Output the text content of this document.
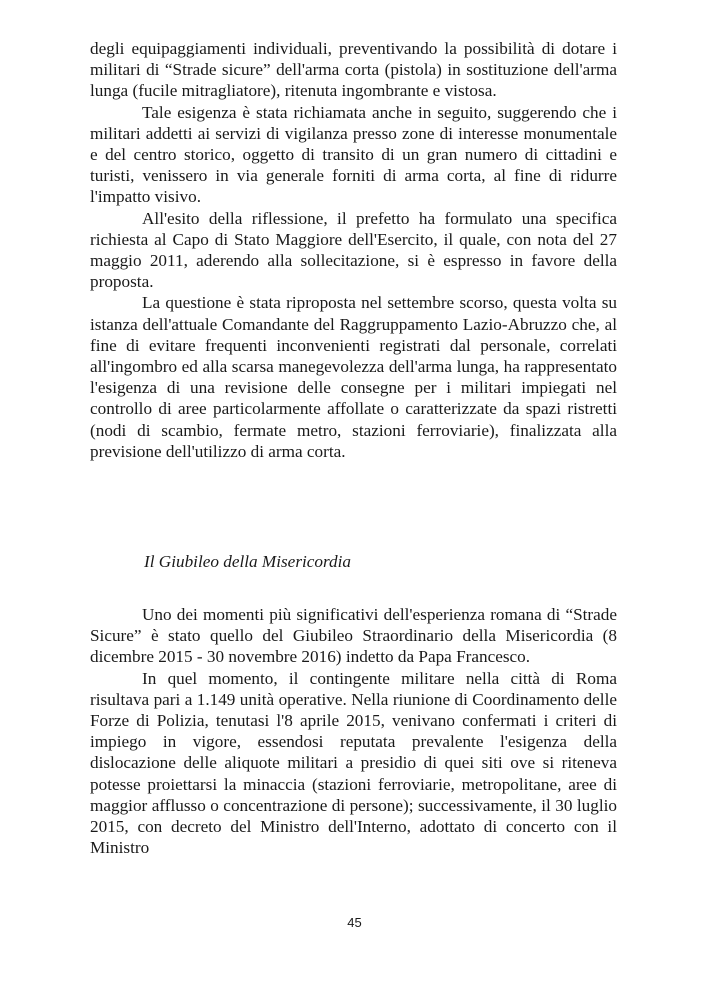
degli equipaggiamenti individuali, preventivando la possibilità di dotare i militari di “Strade sicure” dell'arma corta (pistola) in sostituzione dell'arma lunga (fucile mitragliatore), ritenuta ingombrante e vistosa.

Tale esigenza è stata richiamata anche in seguito, suggerendo che i militari addetti ai servizi di vigilanza presso zone di interesse monumentale e del centro storico, oggetto di transito di un gran numero di cittadini e turisti, venissero in via generale forniti di arma corta, al fine di ridurre l'impatto visivo.

All'esito della riflessione, il prefetto ha formulato una specifica richiesta al Capo di Stato Maggiore dell'Esercito, il quale, con nota del 27 maggio 2011, aderendo alla sollecitazione, si è espresso in favore della proposta.

La questione è stata riproposta nel settembre scorso, questa volta su istanza dell'attuale Comandante del Raggruppamento Lazio-Abruzzo che, al fine di evitare frequenti inconvenienti registrati dal personale, correlati all'ingombro ed alla scarsa manegevolezza dell'arma lunga, ha rappresentato l'esigenza di una revisione delle consegne per i militari impiegati nel controllo di aree particolarmente affollate o caratterizzate da spazi ristretti (nodi di scambio, fermate metro, stazioni ferroviarie), finalizzata alla previsione dell'utilizzo di arma corta.

Il Giubileo della Misericordia

Uno dei momenti più significativi dell'esperienza romana di “Strade Sicure” è stato quello del Giubileo Straordinario della Misericordia (8 dicembre 2015 - 30 novembre 2016) indetto da Papa Francesco.

In quel momento, il contingente militare nella città di Roma risultava pari a 1.149 unità operative. Nella riunione di Coordinamento delle Forze di Polizia, tenutasi l'8 aprile 2015, venivano confermati i criteri di impiego in vigore, essendosi reputata prevalente l'esigenza della dislocazione delle aliquote militari a presidio di quei siti ove si riteneva potesse proiettarsi la minaccia (stazioni ferroviarie, metropolitane, aree di maggior afflusso o concentrazione di persone); successivamente, il 30 luglio 2015, con decreto del Ministro dell'Interno, adottato di concerto con il Ministro

45
